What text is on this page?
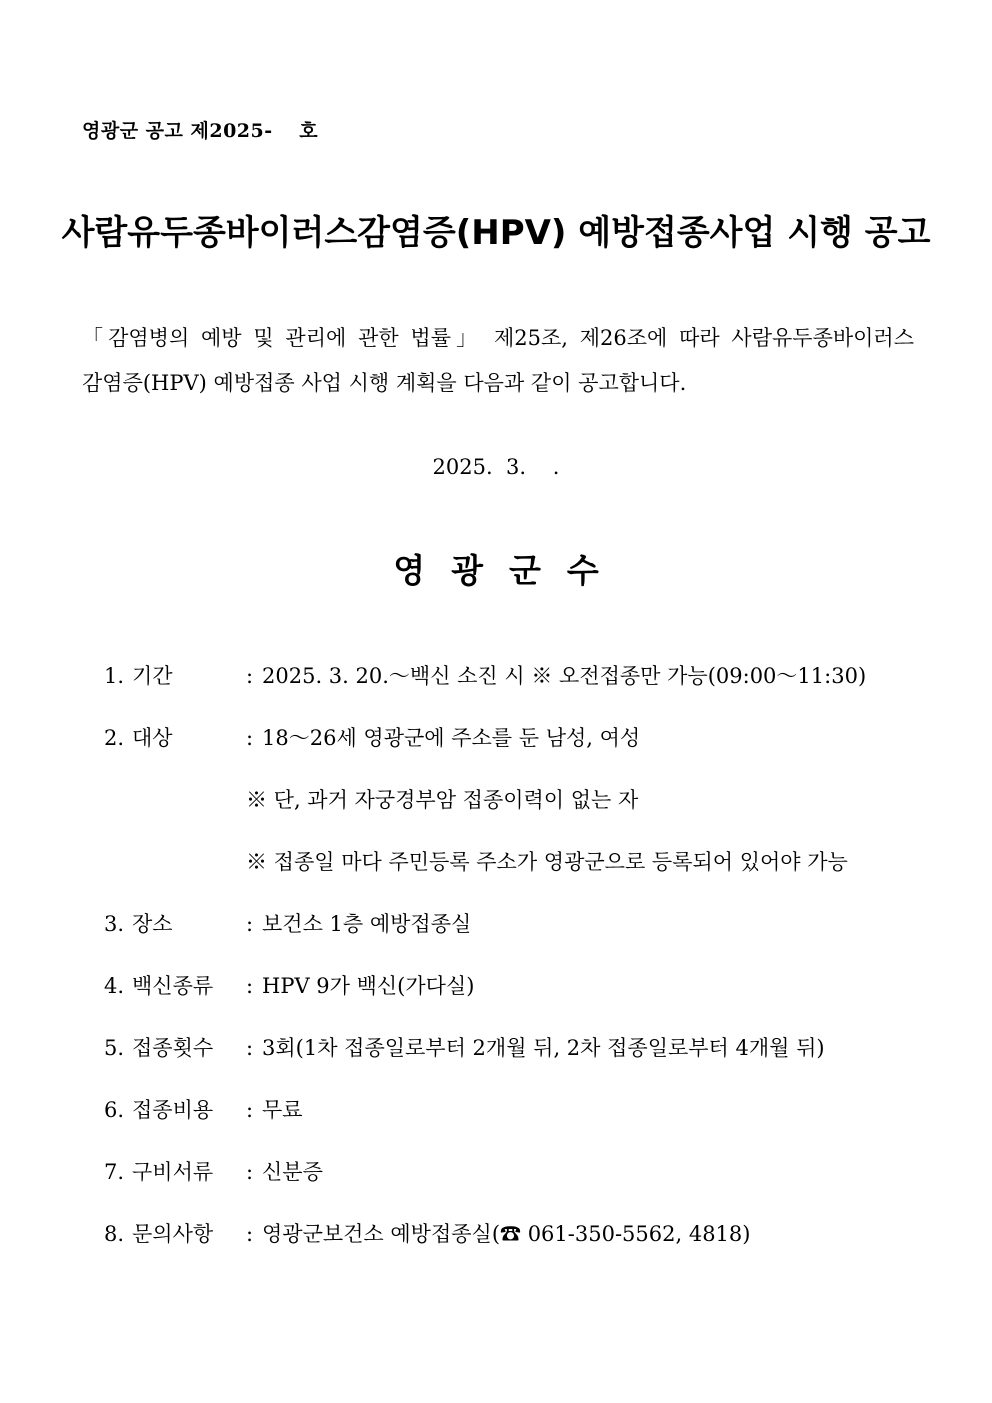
영광군 공고 제2025-　 호
사람유두종바이러스감염증(HPV) 예방접종사업 시행 공고
「감염병의 예방 및 관리에 관한 법률」 제25조, 제26조에 따라 사람유두종바이러스
감염증(HPV) 예방접종 사업 시행 계획을 다음과 같이 공고합니다.
2025.  3.    .
영광군수
1. 기간	: 2025. 3. 20.～백신 소진 시 ※ 오전접종만 가능(09:00～11:30)
2. 대상	: 18～26세 영광군에 주소를 둔 남성, 여성
※ 단, 과거 자궁경부암 접종이력이 없는 자
※ 접종일 마다 주민등록 주소가 영광군으로 등록되어 있어야 가능
3. 장소	: 보건소 1층 예방접종실
4. 백신종류 : HPV 9가 백신(가다실)
5. 접종횟수 : 3회(1차 접종일로부터 2개월 뒤, 2차 접종일로부터 4개월 뒤)
6. 접종비용 : 무료
7. 구비서류 : 신분증
8. 문의사항 : 영광군보건소 예방접종실(☎ 061-350-5562, 4818)
